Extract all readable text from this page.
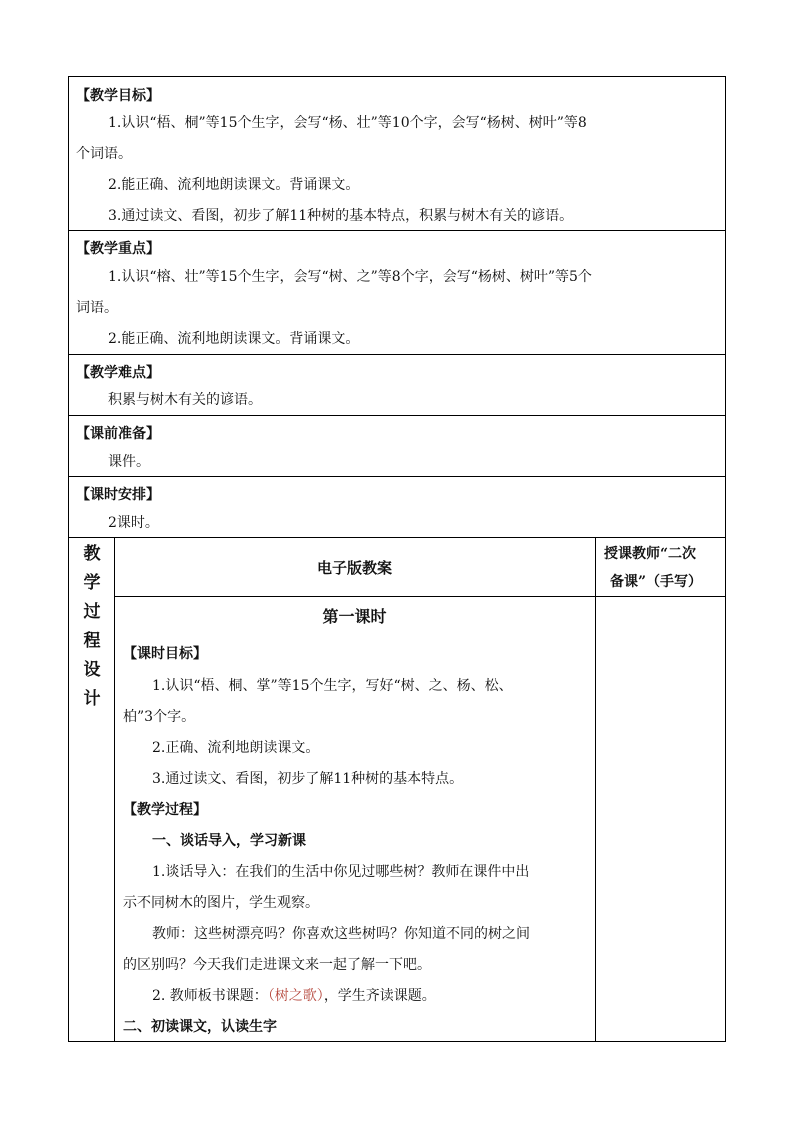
【教学目标】
1.认识“梧、桐”等15个生字，会写“杨、壮”等10个字，会写“杨树、树叶”等8
个词语。
2.能正确、流利地朗读课文。背诵课文。
3.通过读文、看图，初步了解11种树的基本特点，积累与树木有关的谚语。
【教学重点】
1.认识“榕、壮”等15个生字，会写“树、之”等8个字，会写“杨树、树叶”等5个
词语。
2.能正确、流利地朗读课文。背诵课文。
【教学难点】
积累与树木有关的谚语。
【课前准备】
课件。
【课时安排】
2课时。
教
学
过
程
设
计
电子版教案
授课教师“二次
备课”（手写）
第一课时
【课时目标】
1.认识“梧、桐、掌”等15个生字，写好“树、之、杨、松、
柏”3个字。
2.正确、流利地朗读课文。
3.通过读文、看图，初步了解11种树的基本特点。
【教学过程】
一、谈话导入，学习新课
1.谈话导入：在我们的生活中你见过哪些树？教师在课件中出
示不同树木的图片，学生观察。
教师：这些树漂亮吗？你喜欢这些树吗？你知道不同的树之间
的区别吗？今天我们走进课文来一起了解一下吧。
2. 教师板书课题：（树之歌），学生齐读课题。
二、初读课文，认读生字
